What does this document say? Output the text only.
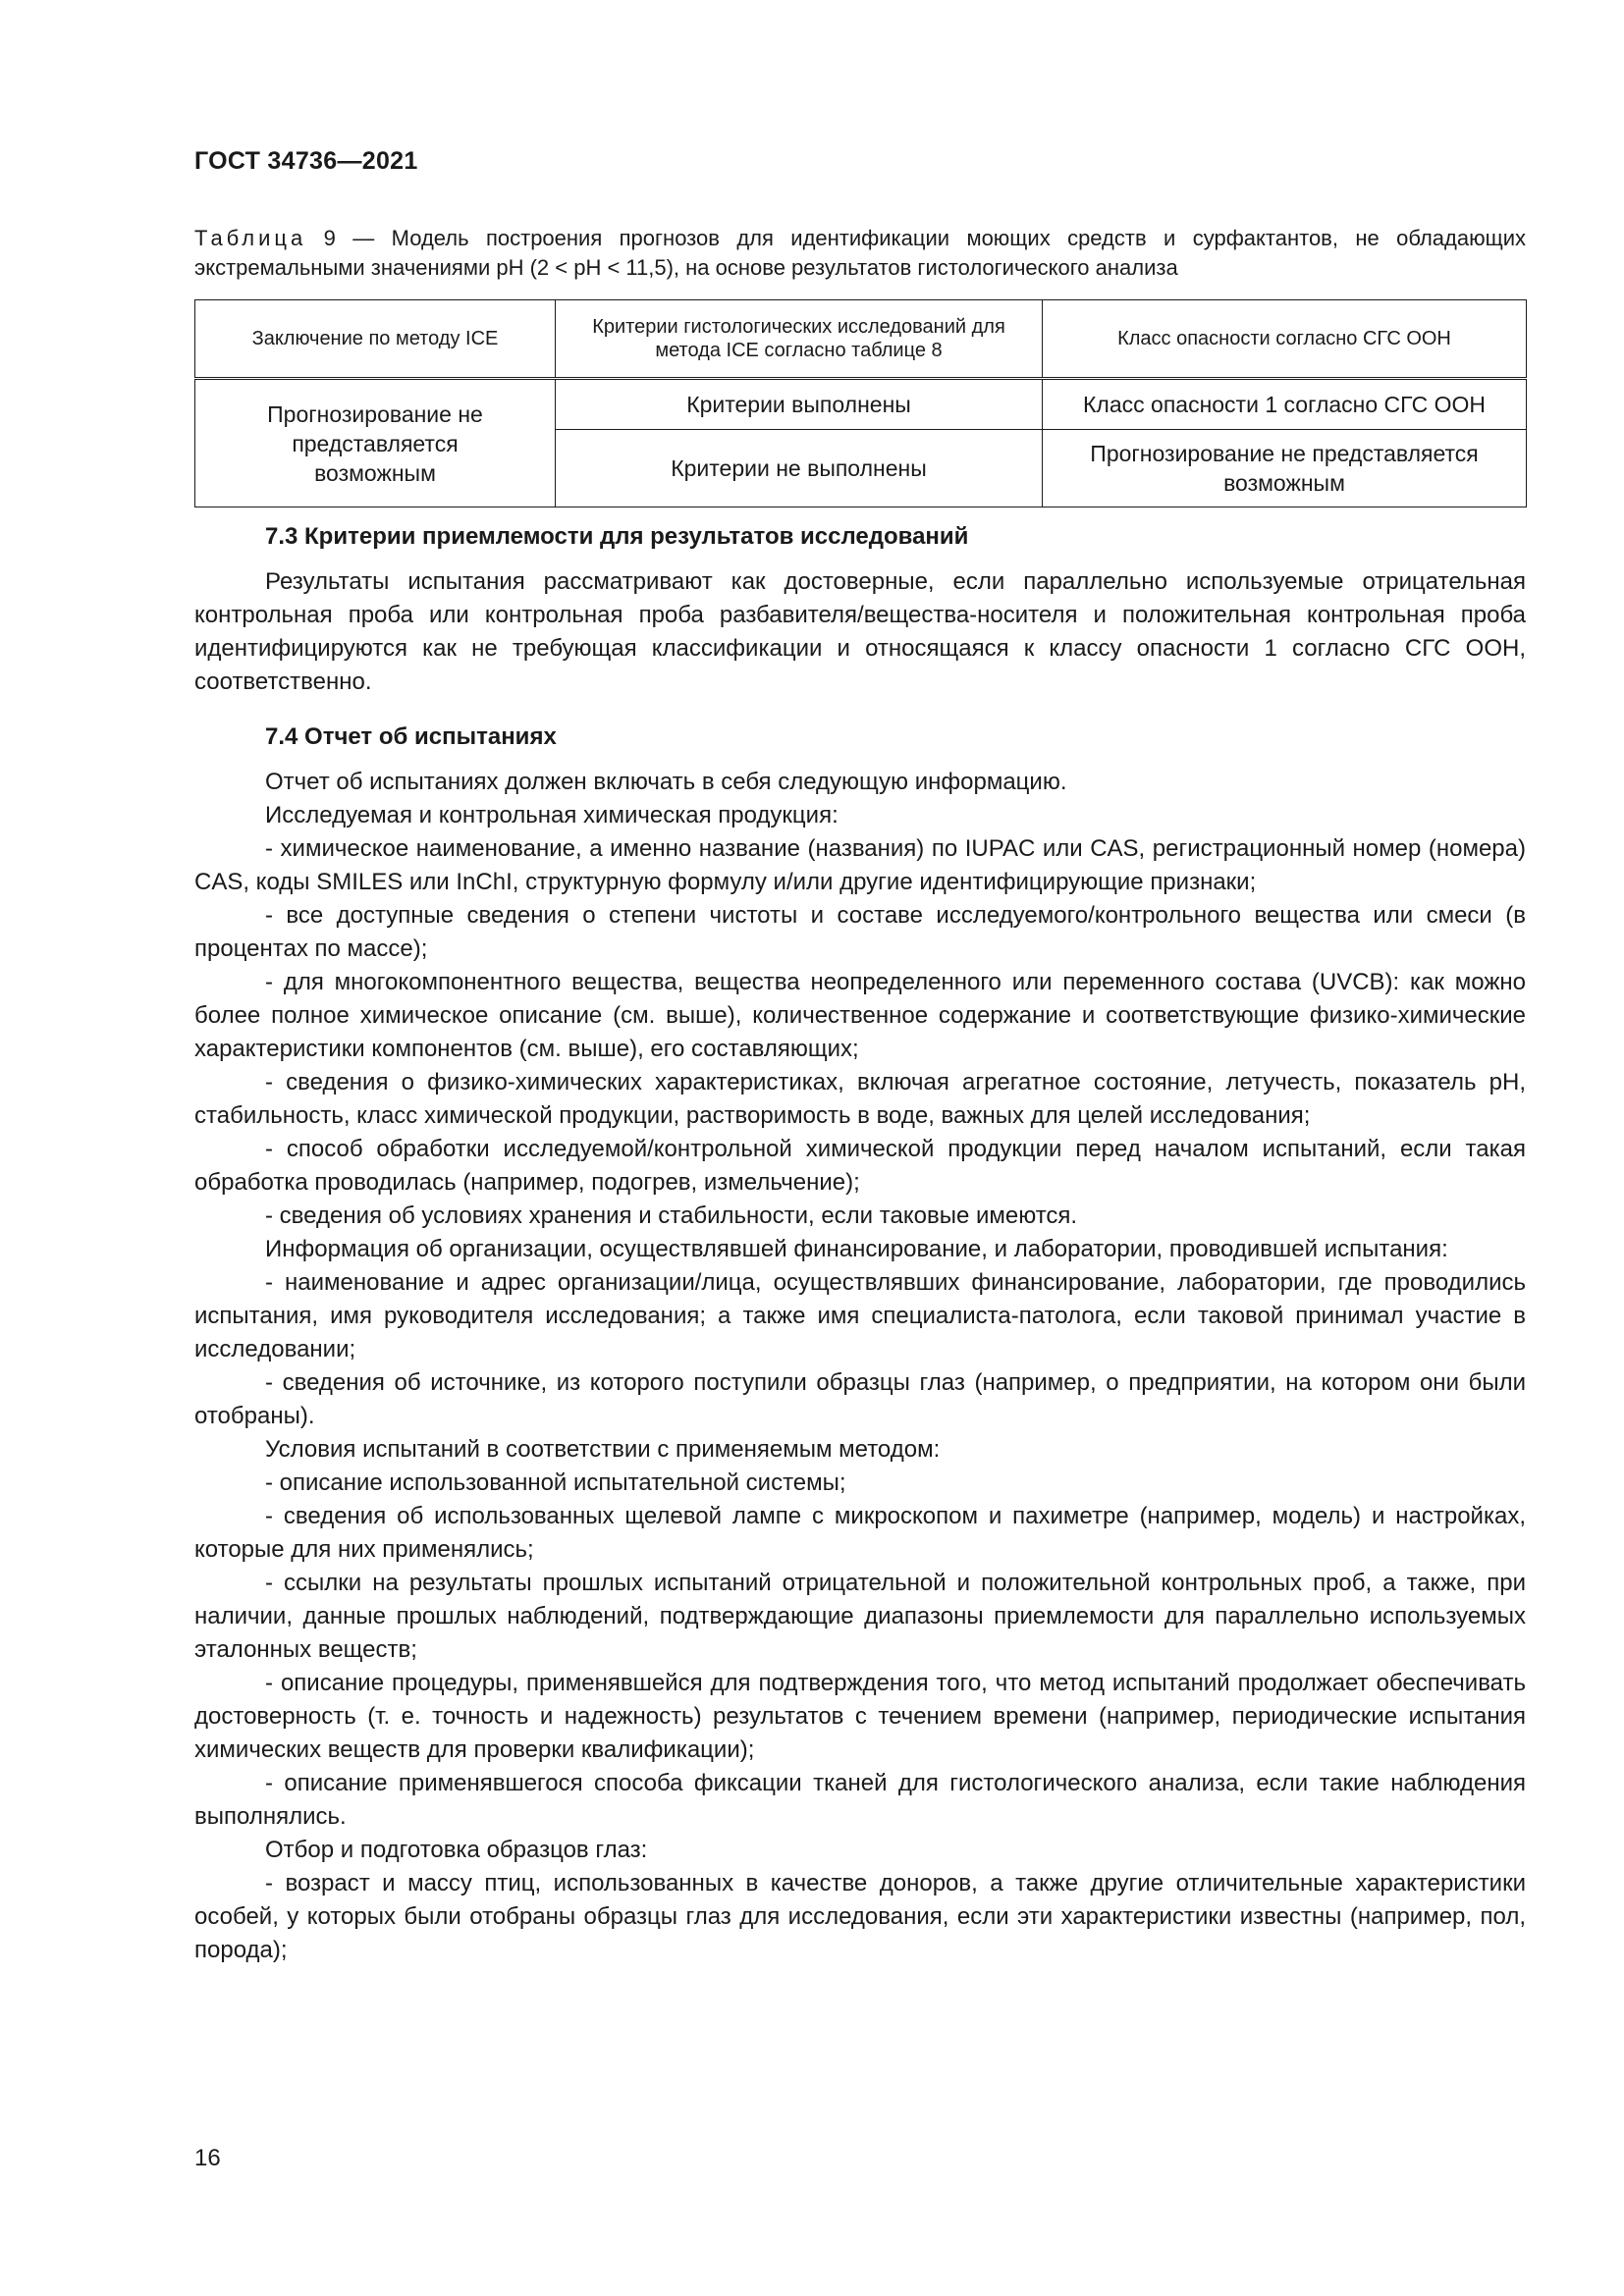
ГОСТ 34736—2021
Таблица 9 — Модель построения прогнозов для идентификации моющих средств и сурфактантов, не обладающих экстремальными значениями pH (2 < pH < 11,5), на основе результатов гистологического анализа
Заключение по методу ICE	Критерии гистологических исследований для метода ICE согласно таблице 8	Класс опасности согласно СГС ООН
Прогнозирование не представляется возможным	Критерии выполнены	Класс опасности 1 согласно СГС ООН
	Критерии не выполнены	Прогнозирование не представляется возможным
7.3 Критерии приемлемости для результатов исследований

Результаты испытания рассматривают как достоверные, если параллельно используемые отрицательная контрольная проба или контрольная проба разбавителя/вещества-носителя и положительная контрольная проба идентифицируются как не требующая классификации и относящаяся к классу опасности 1 согласно СГС ООН, соответственно.

7.4 Отчет об испытаниях

Отчет об испытаниях должен включать в себя следующую информацию.

Исследуемая и контрольная химическая продукция:

- химическое наименование, а именно название (названия) по IUPAC или CAS, регистрационный номер (номера) CAS, коды SMILES или InChI, структурную формулу и/или другие идентифицирующие признаки;

- все доступные сведения о степени чистоты и составе исследуемого/контрольного вещества или смеси (в процентах по массе);

- для многокомпонентного вещества, вещества неопределенного или переменного состава (UVCB): как можно более полное химическое описание (см. выше), количественное содержание и соответствующие физико-химические характеристики компонентов (см. выше), его составляющих;

- сведения о физико-химических характеристиках, включая агрегатное состояние, летучесть, показатель pH, стабильность, класс химической продукции, растворимость в воде, важных для целей исследования;

- способ обработки исследуемой/контрольной химической продукции перед началом испытаний, если такая обработка проводилась (например, подогрев, измельчение);

- сведения об условиях хранения и стабильности, если таковые имеются.

Информация об организации, осуществлявшей финансирование, и лаборатории, проводившей испытания:

- наименование и адрес организации/лица, осуществлявших финансирование, лаборатории, где проводились испытания, имя руководителя исследования; а также имя специалиста-патолога, если таковой принимал участие в исследовании;

- сведения об источнике, из которого поступили образцы глаз (например, о предприятии, на котором они были отобраны).

Условия испытаний в соответствии с применяемым методом:

- описание использованной испытательной системы;

- сведения об использованных щелевой лампе с микроскопом и пахиметре (например, модель) и настройках, которые для них применялись;

- ссылки на результаты прошлых испытаний отрицательной и положительной контрольных проб, а также, при наличии, данные прошлых наблюдений, подтверждающие диапазоны приемлемости для параллельно используемых эталонных веществ;

- описание процедуры, применявшейся для подтверждения того, что метод испытаний продолжает обеспечивать достоверность (т. е. точность и надежность) результатов с течением времени (например, периодические испытания химических веществ для проверки квалификации);

- описание применявшегося способа фиксации тканей для гистологического анализа, если такие наблюдения выполнялись.

Отбор и подготовка образцов глаз:

- возраст и массу птиц, использованных в качестве доноров, а также другие отличительные характеристики особей, у которых были отобраны образцы глаз для исследования, если эти характеристики известны (например, пол, порода);

16
